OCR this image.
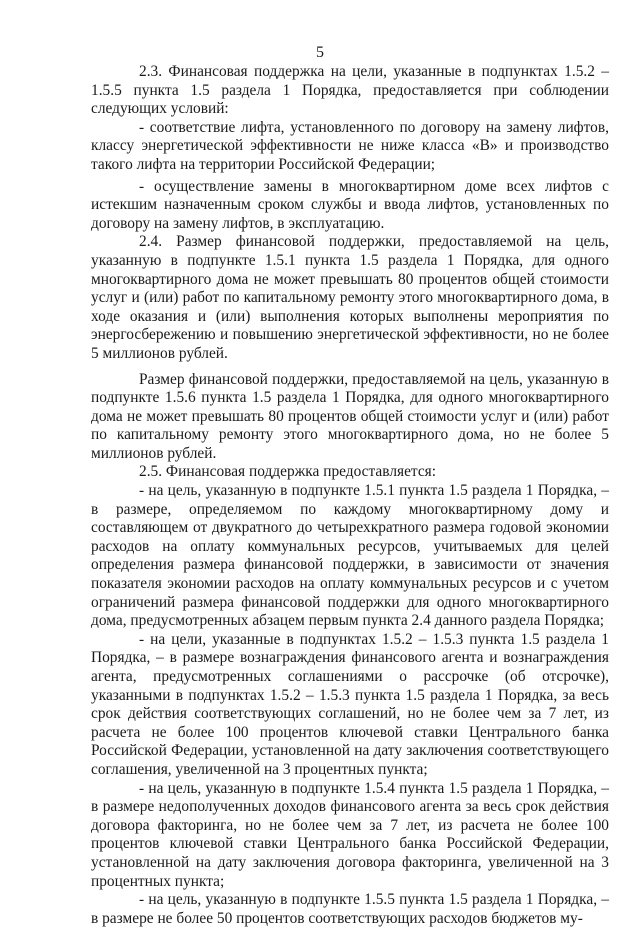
5

2.3. Финансовая поддержка на цели, указанные в подпунктах 1.5.2 – 1.5.5 пункта 1.5 раздела 1 Порядка, предоставляется при соблюдении следующих условий:

- соответствие лифта, установленного по договору на замену лифтов, классу энергетической эффективности не ниже класса «В» и производство такого лифта на территории Российской Федерации;

- осуществление замены в многоквартирном доме всех лифтов с истекшим назначенным сроком службы и ввода лифтов, установленных по договору на замену лифтов, в эксплуатацию.

2.4. Размер финансовой поддержки, предоставляемой на цель, указанную в подпункте 1.5.1 пункта 1.5 раздела 1 Порядка, для одного многоквартирного дома не может превышать 80 процентов общей стоимости услуг и (или) работ по капитальному ремонту этого многоквартирного дома, в ходе оказания и (или) выполнения которых выполнены мероприятия по энергосбережению и повышению энергетической эффективности, но не более 5 миллионов рублей.

Размер финансовой поддержки, предоставляемой на цель, указанную в подпункте 1.5.6 пункта 1.5 раздела 1 Порядка, для одного многоквартирного дома не может превышать 80 процентов общей стоимости услуг и (или) работ по капитальному ремонту этого многоквартирного дома, но не более 5 миллионов рублей.

2.5. Финансовая поддержка предоставляется:

- на цель, указанную в подпункте 1.5.1 пункта 1.5 раздела 1 Порядка, – в размере, определяемом по каждому многоквартирному дому и составляющем от двукратного до четырехкратного размера годовой экономии расходов на оплату коммунальных ресурсов, учитываемых для целей определения размера финансовой поддержки, в зависимости от значения показателя экономии расходов на оплату коммунальных ресурсов и с учетом ограничений размера финансовой поддержки для одного многоквартирного дома, предусмотренных абзацем первым пункта 2.4 данного раздела Порядка;

- на цели, указанные в подпунктах 1.5.2 – 1.5.3 пункта 1.5 раздела 1 Порядка, – в размере вознаграждения финансового агента и вознаграждения агента, предусмотренных соглашениями о рассрочке (об отсрочке), указанными в подпунктах 1.5.2 – 1.5.3 пункта 1.5 раздела 1 Порядка, за весь срок действия соответствующих соглашений, но не более чем за 7 лет, из расчета не более 100 процентов ключевой ставки Центрального банка Российской Федерации, установленной на дату заключения соответствующего соглашения, увеличенной на 3 процентных пункта;

- на цель, указанную в подпункте 1.5.4 пункта 1.5 раздела 1 Порядка, – в размере недополученных доходов финансового агента за весь срок действия договора факторинга, но не более чем за 7 лет, из расчета не более 100 процентов ключевой ставки Центрального банка Российской Федерации, установленной на дату заключения договора факторинга, увеличенной на 3 процентных пункта;

- на цель, указанную в подпункте 1.5.5 пункта 1.5 раздела 1 Порядка, – в размере не более 50 процентов соответствующих расходов бюджетов му-
